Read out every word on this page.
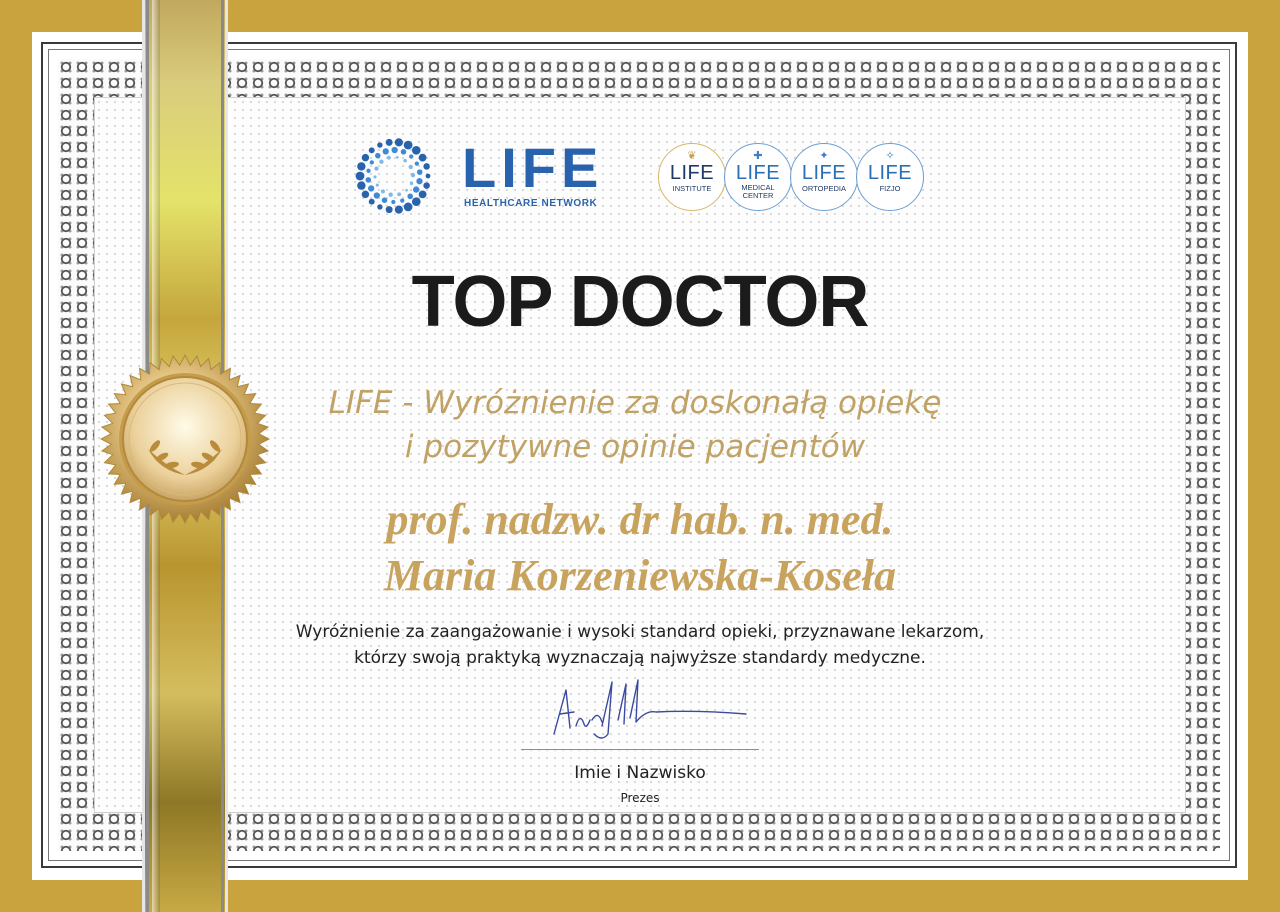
LIFE
HEALTHCARE NETWORK
❦
LIFE
INSTITUTE
✚
LIFE
MEDICAL CENTER
✦
LIFE
ORTOPEDIA
✧
LIFE
FIZJO
TOP DOCTOR
LIFE - Wyróżnienie za doskonałą opiekę
i pozytywne opinie pacjentów
prof. nadzw. dr hab. n. med.
Maria Korzeniewska-Koseła
Wyróżnienie za zaangażowanie i wysoki standard opieki, przyznawane lekarzom,
którzy swoją praktyką wyznaczają najwyższe standardy medyczne.
Imie i Nazwisko
Prezes
